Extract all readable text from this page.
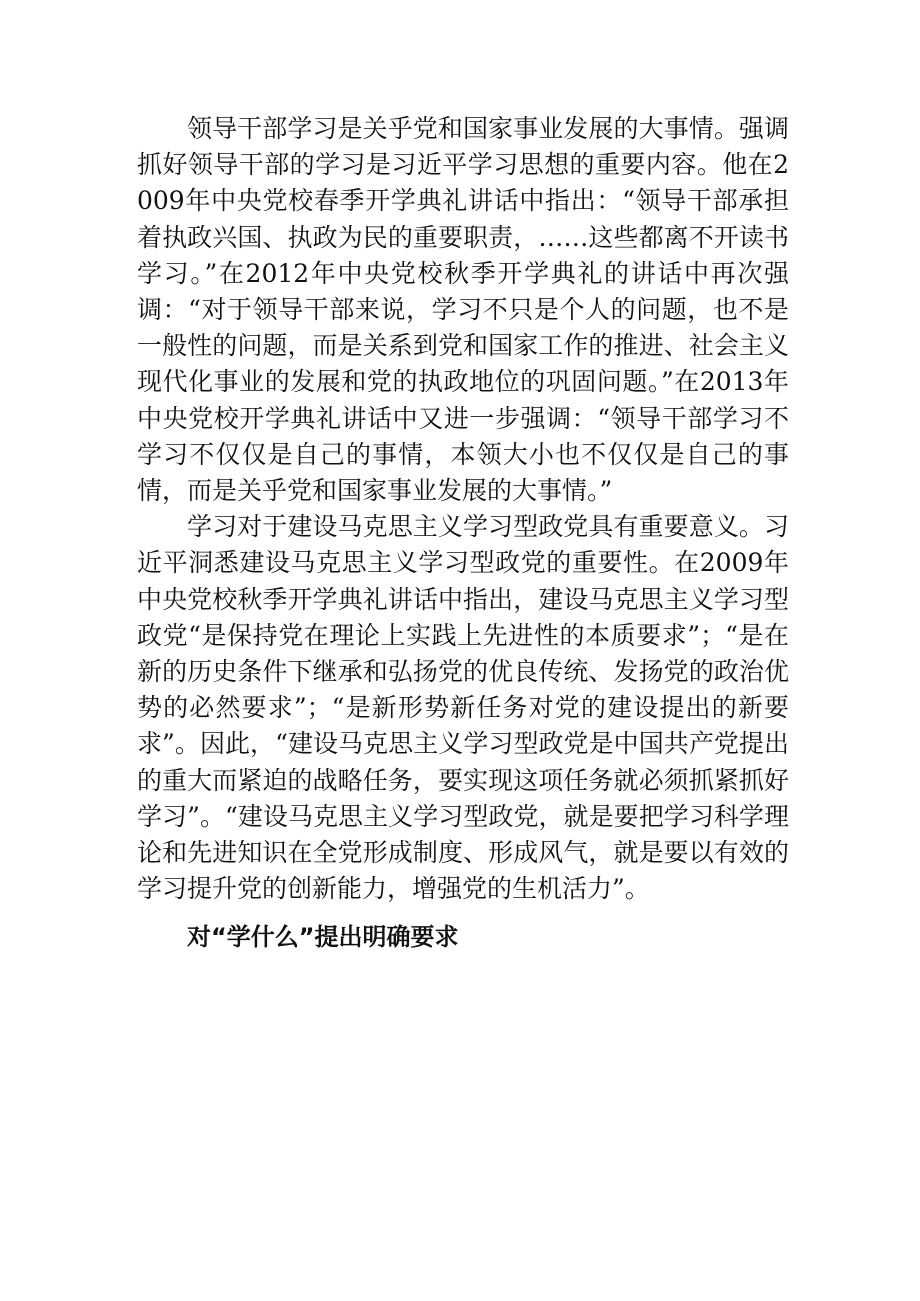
领导干部学习是关乎党和国家事业发展的大事情。强调抓好领导干部的学习是习近平学习思想的重要内容。他在2009年中央党校春季开学典礼讲话中指出：“领导干部承担着执政兴国、执政为民的重要职责，……这些都离不开读书学习。”在2012年中央党校秋季开学典礼的讲话中再次强调：“对于领导干部来说，学习不只是个人的问题，也不是一般性的问题，而是关系到党和国家工作的推进、社会主义现代化事业的发展和党的执政地位的巩固问题。”在2013年中央党校开学典礼讲话中又进一步强调：“领导干部学习不学习不仅仅是自己的事情，本领大小也不仅仅是自己的事情，而是关乎党和国家事业发展的大事情。”

学习对于建设马克思主义学习型政党具有重要意义。习近平洞悉建设马克思主义学习型政党的重要性。在2009年中央党校秋季开学典礼讲话中指出，建设马克思主义学习型政党“是保持党在理论上实践上先进性的本质要求”；“是在新的历史条件下继承和弘扬党的优良传统、发扬党的政治优势的必然要求”；“是新形势新任务对党的建设提出的新要求”。因此，“建设马克思主义学习型政党是中国共产党提出的重大而紧迫的战略任务，要实现这项任务就必须抓紧抓好学习”。“建设马克思主义学习型政党，就是要把学习科学理论和先进知识在全党形成制度、形成风气，就是要以有效的学习提升党的创新能力，增强党的生机活力”。

对“学什么”提出明确要求
